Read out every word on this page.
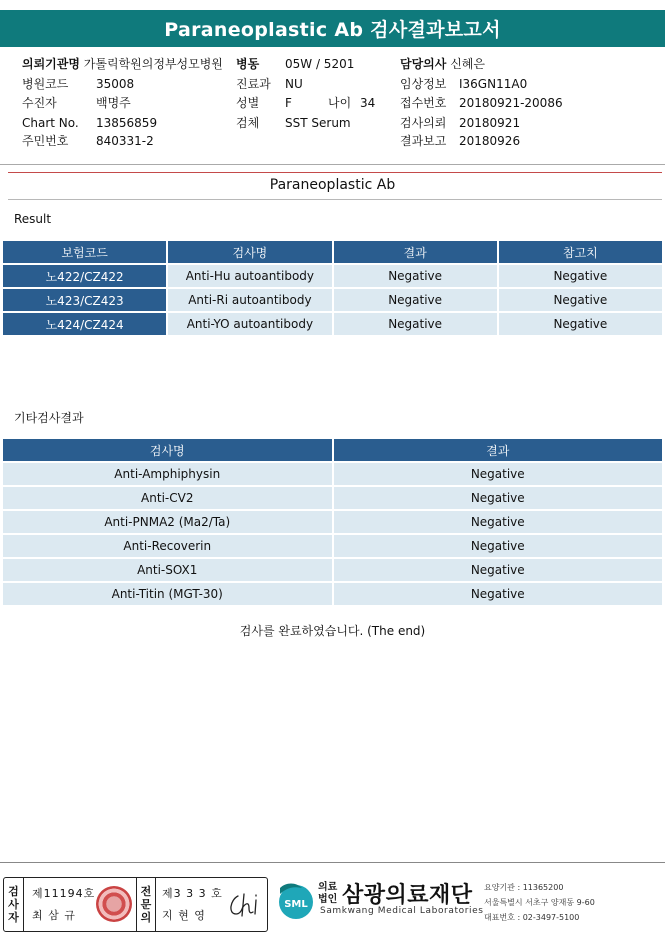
Paraneoplastic Ab 검사결과보고서
의뢰기관명 가톨릭학원의정부성모병원 병동 05W / 5201	담당의사 신혜은
병원코드 35008	진료과 NU	임상정보 I36GN11A0
수진자	백명주	성별 F	나이 34 접수번호 20180921-20086
Chart No. 13856859	검체 SST Serum	검사의뢰 20180921
주민번호 840331-2	결과보고 20180926
Paraneoplastic Ab
Result
보험코드	검사명	결과	참고치
노422/CZ422	Anti-Hu autoantibody	Negative	Negative
노423/CZ423	Anti-Ri autoantibody	Negative	Negative
노424/CZ424	Anti-YO autoantibody	Negative	Negative
기타검사결과
검사명	결과
Anti-Amphiphysin	Negative
Anti-CV2	Negative
Anti-PNMA2 (Ma2/Ta)	Negative
Anti-Recoverin	Negative
Anti-SOX1	Negative
Anti-Titin (MGT-30)	Negative
검사를 완료하였습니다. (The end)
검
사
자
제11194호
최 삼 규
전
문
의
제3 3 3 호
지 현 영
SML
의료
법인 삼광의료재단
Samkwang Medical Laboratories
요양기관 : 11365200
서울특별시 서초구 양재동 9-60
대표번호 : 02-3497-5100
